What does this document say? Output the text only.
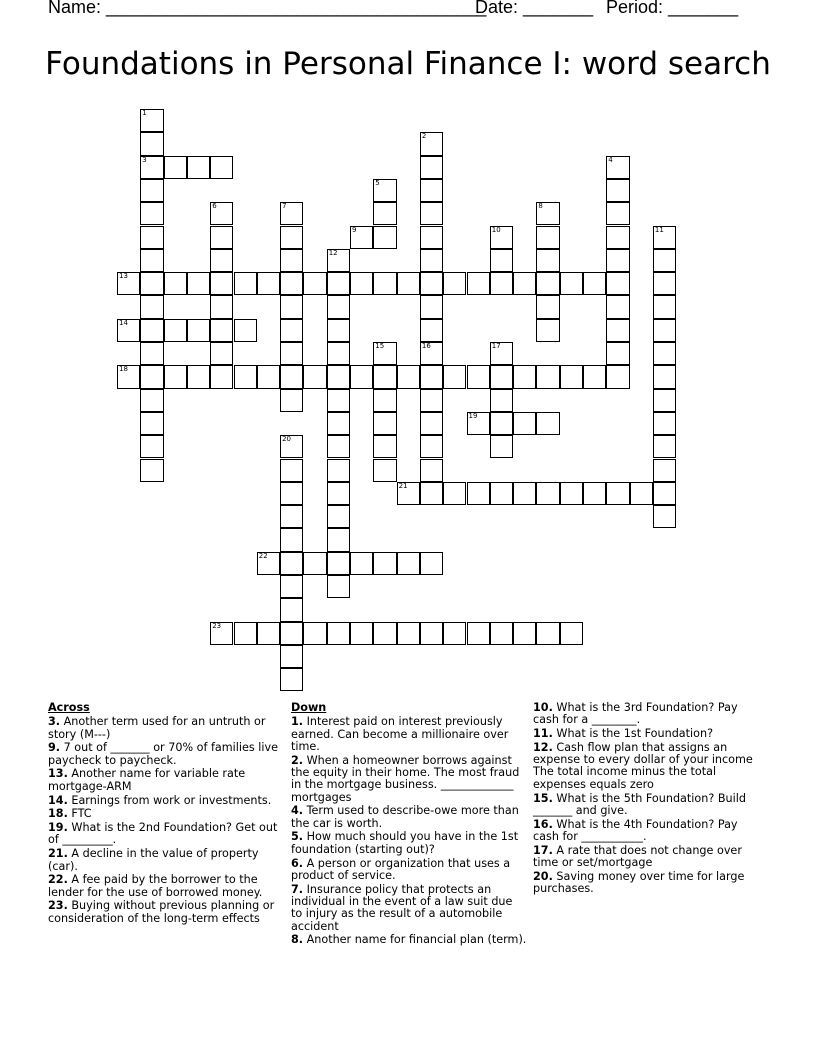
Name: ______________________________________
Date: _______ Period: _______
Foundations in Personal Finance I: word search
3
13
14
18
19
21
22
23
9
1
2
16
4
5
6	7	8
10	11
12
15	17
20
Across
3. Another term used for an untruth or story (M---)
9. 7 out of _______ or 70% of families live paycheck to paycheck.
13. Another name for variable rate mortgage-ARM
14. Earnings from work or investments.
18. FTC
19. What is the 2nd Foundation? Get out of _________.
21. A decline in the value of property (car).
22. A fee paid by the borrower to the lender for the use of borrowed money.
23. Buying without previous planning or consideration of the long-term effects
Down
1. Interest paid on interest previously earned. Can become a millionaire over time.
2. When a homeowner borrows against the equity in their home. The most fraud in the mortgage business. _____________ mortgages
4. Term used to describe-owe more than the car is worth.
5. How much should you have in the 1st foundation (starting out)?
6. A person or organization that uses a product of service.
7. Insurance policy that protects an individual in the event of a law suit due to injury as the result of a automobile accident
8. Another name for financial plan (term).
10. What is the 3rd Foundation? Pay cash for a ________.
11. What is the 1st Foundation?
12. Cash flow plan that assigns an expense to every dollar of your income The total income minus the total expenses equals zero
15. What is the 5th Foundation? Build _______ and give.
16. What is the 4th Foundation? Pay cash for ___________.
17. A rate that does not change over time or set/mortgage
20. Saving money over time for large purchases.
